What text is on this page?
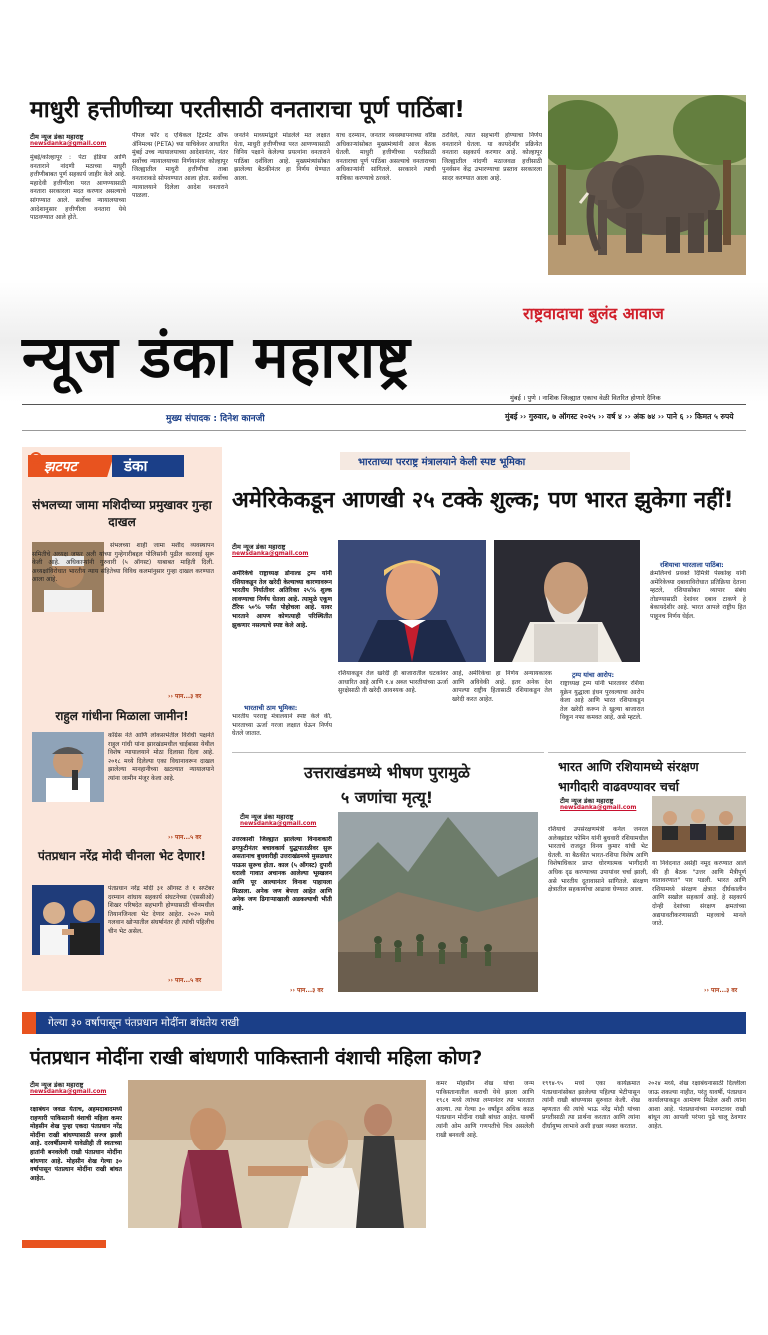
माधुरी हत्तीणीच्या परतीसाठी वनताराचा पूर्ण पाठिंबा!
टीम न्यूज डंका महाराष्ट्र
newsdanka@gmail.com
मुंबई/कोल्हापूर : पेटा इंडिया आणि वनताराने नांदणी मठाच्या माधुरी हत्तीणीबाबत पूर्ण सहकार्य जाहीर केले आहे. महादेवी हत्तीणीला परत आणण्यासाठी वनतारा सरकारला मदत करणार असल्याचे सांगण्यात आले. सर्वोच्च न्यायालयाच्या आदेशानुसार हत्तीणीला वनतारा येथे पाठवण्यात आले होते.
पीपल फॉर द एथिकल ट्रिटमेंट ऑफ ॲनिमल्स (PETA) च्या याचिकेवर आधारित मुंबई उच्च न्यायालयाच्या आदेशानंतर, नंतर सर्वोच्च न्यायालयाच्या निर्णयानंतर कोल्हापूर जिल्ह्यातील माधुरी हत्तीणीचा ताबा वनताराकडे सोपवण्यात आला होता. सर्वोच्च न्यायालयाने दिलेला आदेश वनताराने पाळला.
जनतेने माध्यमांद्वारे मांडलेले मत लक्षात घेता, माधुरी हत्तीणीच्या परत आणण्यासाठी विनिय पक्षाने केलेल्या प्रयत्नांना वनताराने पाठिंबा दर्शविला आहे. मुख्यमंत्र्यांसोबत झालेल्या बैठकीनंतर हा निर्णय घेण्यात आला.
याच दरम्यान, जनतार व्यवस्थापनाच्या वरिष्ठ अधिकाऱ्यांसोबत मुख्यमंत्र्यांनी आज बैठक घेतली. माधुरी हत्तीणीच्या परतीसाठी वनताराचा पूर्ण पाठिंबा असल्याचे वनताराच्या अधिकाऱ्यांनी सांगितले. सरकारने त्याची याचिका करण्याचे ठरवले.
ठरविले, त्यात सहभागी होण्याचा निर्णय वनताराने घेतला. या कायदेशीर प्रक्रियेत वनतारा सहकार्य करणार आहे. कोल्हापूर जिल्ह्यातील नांदणी मठाजवळ हत्तीसाठी पुनर्वसन केंद्र उभारण्याचा प्रस्ताव सरकारला सादर करण्यात आला आहे.
राष्ट्रवादाचा बुलंद आवाज
न्यूज डंका महाराष्ट्र
मुंबई । पुणे । नाशिक जिल्ह्यात एकाच वेळी वितरित होणारे दैनिक
मुख्य संपादक : दिनेश कानजी	मुंबई ›› गुरुवार, ७ ऑगस्ट २०२५ ›› वर्ष ४ ›› अंक ७४ ›› पाने ६ ›› किमत ५ रुपये
झटपट	डंका
संभलच्या जामा मशिदीच्या प्रमुखावर गुन्हा दाखल
संभलच्या शाही जामा मशीद व्यवस्थापन समितीचे अध्यक्ष जफर अली यांच्या गुन्हेगारीबद्दल पोलिसांनी पुढील कारवाई सुरू केली आहे. अधिकाऱ्यांनी गुरुवारी (५ ऑगस्ट) याबाबत माहिती दिली. अध्यक्षांविरोधात भारतीय न्याय संहितेच्या विविध कलमांनुसार गुन्हा दाखल करण्यात आला आहे.
›› पान...३ वर
राहुल गांधीना मिळाला जामीन!
काँग्रेस नेते आणि लोकसभेतील विरोधी पक्षनेते राहुल गांधी यांना झारखंडमधील चाईबासा येथील विशेष न्यायालयाने मोठा दिलासा दिला आहे. २०१८ मध्ये दिलेल्या एका विधानावरून दाखल झालेल्या मानहानीच्या खटल्यात न्यायालयाने त्यांना जामीन मंजूर केला आहे.
›› पान...५ वर
पंतप्रधान नरेंद्र मोदी चीनला भेट देणार!
पंतप्रधान नरेंद्र मोदी ३१ ऑगस्ट ते १ सप्टेंबर दरम्यान शांघाय सहकार्य संघटनेच्या (एससीओ) शिखर परिषदेत सहभागी होण्यासाठी चीनमधील तियानजिनला भेट देणार आहेत. २०२० मध्ये गलवान खोऱ्यातील संघर्षानंतर ही त्यांची पहिलीच चीन भेट असेल.
›› पान...५ वर
भारताच्या परराष्ट्र मंत्रालयाने केली स्पष्ट भूमिका
अमेरिकेकडून आणखी २५ टक्के शुल्क; पण भारत झुकेगा नहीं!
टीम न्यूज डंका महाराष्ट्र
newsdanka@gmail.com
अमेरिकेचे राष्ट्राध्यक्ष डोनाल्ड ट्रम्प यांनी रशियाकडून तेल खरेदी केल्याच्या कारणावरून भारतीय निर्यातीवर अतिरिक्त २५% शुल्क लावण्याचा निर्णय घेतला आहे. त्यामुळे एकूण टॅरिफ ५०% पर्यंत पोहोचला आहे. यावर भारताने आपण कोणत्याही परिस्थितीत झुकणार नसल्याचे स्पष्ट केले आहे.
भारताची ठाम भूमिका:
भारतीय परराष्ट्र मंत्रालयाने स्पष्ट केले की, भारताच्या ऊर्जा गरजा लक्षात घेऊन निर्णय घेतले जातात.
रशियाकडून तेल खरेदी ही बाजारातील घटकांवर आधारित आहे आणि १.४ अब्ज भारतीयांच्या ऊर्जा सुरक्षेसाठी ती खरेदी आवश्यक आहे.
आहे, अमेरिकेचा हा निर्णय अन्यायकारक आणि अविवेकी आहे. इतर अनेक देश आपल्या राष्ट्रीय हितासाठी रशियाकडून तेल खरेदी करत आहेत.
ट्रम्प यांचा आरोप:
राष्ट्राध्यक्ष ट्रम्प यांनी भारतावर रशिया युक्रेन युद्धाला इंधन पुरवल्याचा आरोप केला आहे आणि भारत रशियाकडून तेल खरेदी करून ते खुल्या बाजारात विकून नफा कमवत आहे, असे म्हटले.
रशियाचा भारताला पाठिंबा:
क्रेमलिनचे प्रवक्ते दिमित्री पेस्कोव्ह यांनी अमेरिकेच्या दबावाविरोधात प्रतिक्रिया देताना म्हटले, रशियासोबत व्यापार संबंध तोडण्यासाठी देशांवर दबाव टाकणे हे बेकायदेशीर आहे. भारत आपले राष्ट्रीय हित पाहूनच निर्णय घेईल.
उत्तराखंडमध्ये भीषण पुरामुळे
५ जणांचा मृत्यू!
टीम न्यूज डंका महाराष्ट्र
newsdanka@gmail.com
उत्तरकाशी जिल्ह्यात झालेल्या विनाशकारी ढगफुटीनंतर बचावकार्य युद्धपातळीवर सुरू असतानाच बुधवारीही उत्तराखंडमध्ये मुसळधार पाऊस सुरूच होता. काल (५ ऑगस्ट) दुपारी धराली गावात अचानक आलेल्या भूस्खलन आणि पूर आल्यानंतर विनाश पाहायला मिळाला. अनेक जण बेपत्ता आहेत आणि अनेक जण ढिगाऱ्याखाली अडकल्याची भीती आहे.
›› पान...३ वर
भारत आणि रशियामध्ये संरक्षण
भागीदारी वाढवण्यावर चर्चा
टीम न्यूज डंका महाराष्ट्र
newsdanka@gmail.com
रशियाचे उपसंरक्षणमंत्री कर्नल जनरल अलेक्झांडर फोमिन यांनी बुधवारी रशियामधील भारताचे राजदूत विनय कुमार यांची भेट घेतली. या बैठकीत भारत-रशिया विशेष आणि विशेषाधिकार प्राप्त धोरणात्मक भागीदारी अधिक दृढ करण्याच्या उपायांवर चर्चा झाली, असे भारतीय दूतावासाने सांगितले. संरक्षण क्षेत्रातील सहकार्याचा आढावा घेण्यात आला.
या निवेदनात असेही नमूद करण्यात आले की ही बैठक "उत्तर आणि मैत्रीपूर्ण वातावरणात" पार पडली. भारत आणि रशियामध्ये संरक्षण क्षेत्रात दीर्घकालीन आणि सखोल सहकार्य आहे. हे सहकार्य दोन्ही देशांच्या संरक्षण क्षमतांच्या अद्ययावतीकरणासाठी महत्त्वाचे मानले जाते.
›› पान...३ वर
गेल्या ३० वर्षापासून पंतप्रधान मोदींना बांधतेय राखी
पंतप्रधान मोदींना राखी बांधणारी पाकिस्तानी वंशाची महिला कोण?
टीम न्यूज डंका महाराष्ट्र
newsdanka@gmail.com
रक्षाबंधन जवळ येताच, अहमदाबादमध्ये राहणारी पाकिस्तानी वंशाची महिला कमर मोहसीन शेख पुन्हा एकदा पंतप्रधान नरेंद्र मोदींना राखी बांधण्यासाठी सज्ज झाली आहे. दरवर्षीप्रमाणे यावेळीही ती स्वतःच्या हातांनी बनवलेली राखी पंतप्रधान मोदींना बांधणार आहे. मोहसीन शेख गेल्या ३० वर्षापासून पंतप्रधान मोदींना राखी बांधत आहेत.
कमर मोहसीन शेख यांचा जन्म पाकिस्तानातील कराची येथे झाला आणि १९८१ मध्ये त्यांच्या लग्नानंतर त्या भारतात आल्या. त्या गेल्या ३० वर्षांहून अधिक काळ पंतप्रधान मोदींना राखी बांधत आहेत. यावर्षी त्यांनी ओम आणि गणपतीचे चित्र असलेली राखी बनवली आहे.
१९९४-९५ मध्ये एका कार्यक्रमात पंतप्रधानांसोबत झालेल्या पहिल्या भेटीपासून त्यांनी राखी बांधण्यास सुरुवात केली. शेख म्हणतात की त्यांचे भाऊ नरेंद्र मोदी यांच्या प्रगतीसाठी त्या प्रार्थना करतात आणि त्यांना दीर्घायुष्य लाभावे अशी इच्छा व्यक्त करतात.
२०२४ मध्ये, शेख रक्षाबंधनासाठी दिल्लीला जाऊ शकल्या नाहीत, परंतु यावर्षी, पंतप्रधान कार्यालयाकडून आमंत्रण मिळेल अशी त्यांना आशा आहे. पंतप्रधानांच्या मनगटावर राखी बांधून त्या आपली परंपरा पुढे चालू ठेवणार आहेत.
